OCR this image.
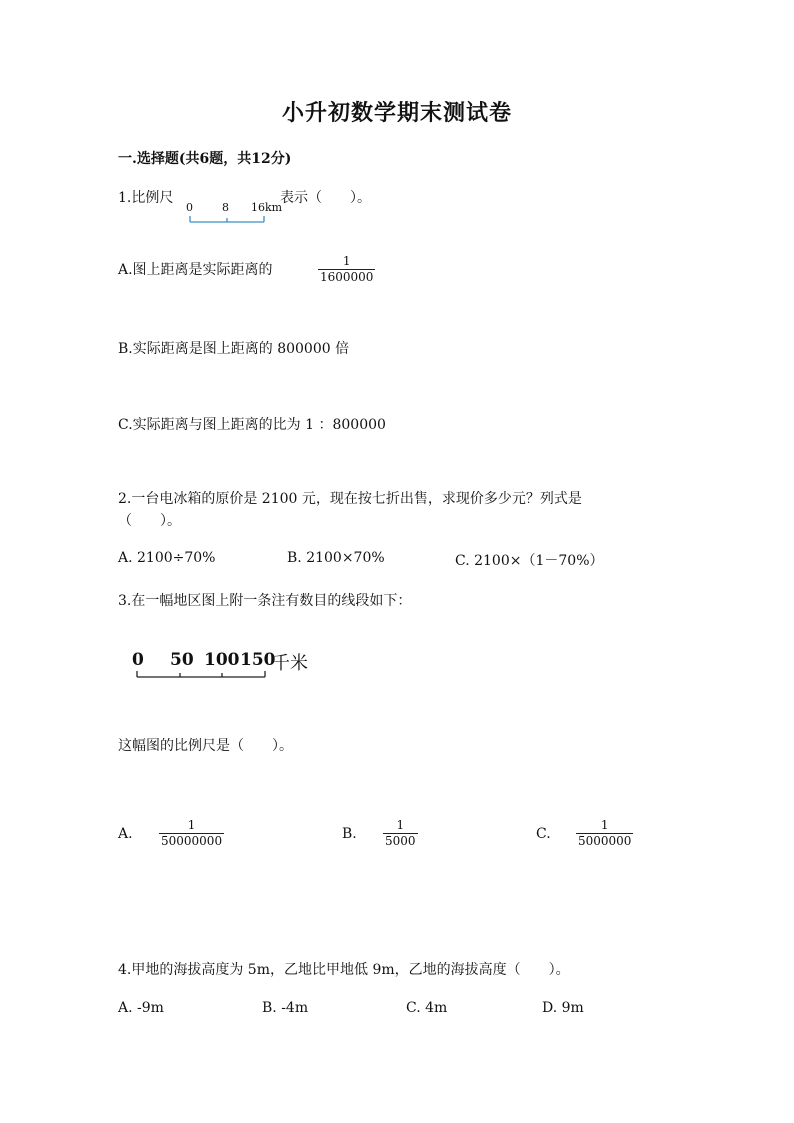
小升初数学期末测试卷
一.选择题(共6题，共12分)
1.比例尺
0	8 16km
表示（　　）。
A.图上距离是实际距离的	$\frac{1}{1600000}$
B.实际距离是图上距离的 800000 倍
C.实际距离与图上距离的比为 1 ：800000
2.一台电冰箱的原价是 2100 元，现在按七折出售，求现价多少元？列式是
（　　）。
A. 2100÷70%	B. 2100×70%	C. 2100×（1－70%）
3.在一幅地区图上附一条注有数目的线段如下：
0 50 100 150
千米
这幅图的比例尺是（　　）。
A. $\frac{1}{50000000}$	B. $\frac{1}{5000}$	C. $\frac{1}{5000000}$
4.甲地的海拔高度为 5m，乙地比甲地低 9m，乙地的海拔高度（　　）。
A. -9m	B. -4m	C. 4m	D. 9m
